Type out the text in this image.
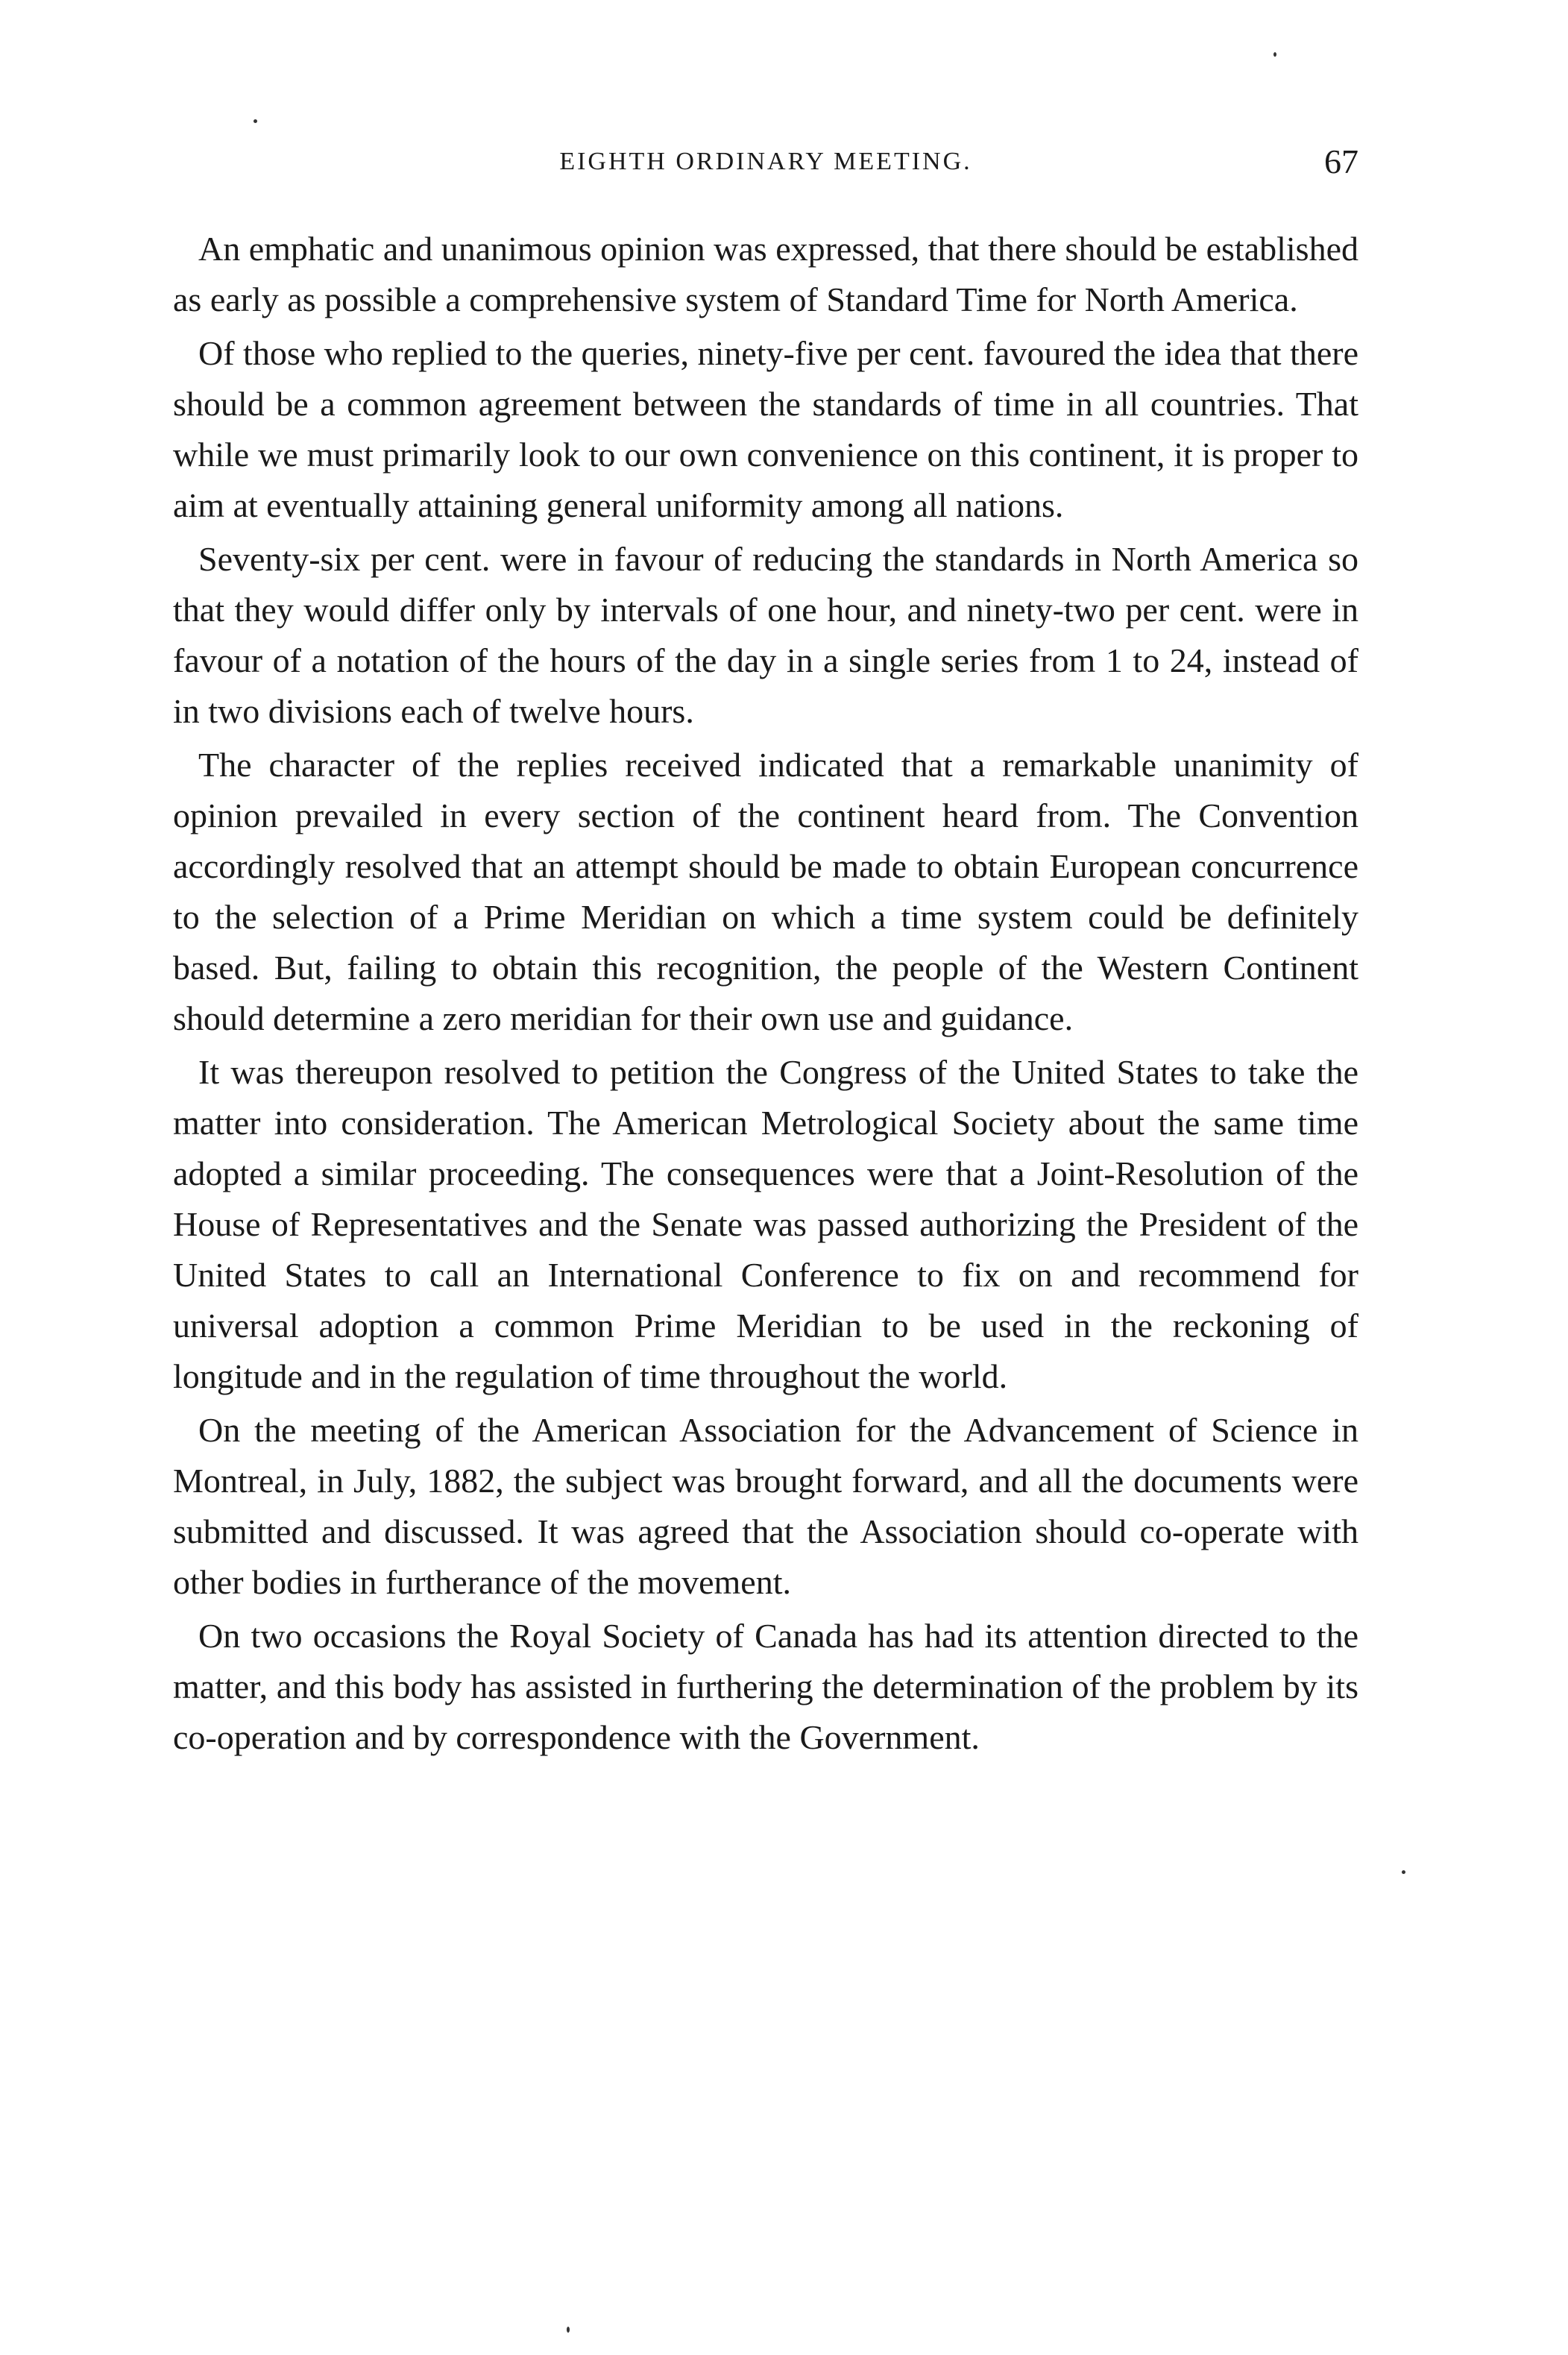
EIGHTH ORDINARY MEETING.	67

An emphatic and unanimous opinion was expressed, that there should be established as early as possible a comprehensive system of Standard Time for North America.

Of those who replied to the queries, ninety-five per cent. favoured the idea that there should be a common agreement between the standards of time in all countries. That while we must primarily look to our own convenience on this continent, it is proper to aim at eventually attaining general uniformity among all nations.

Seventy-six per cent. were in favour of reducing the standards in North America so that they would differ only by intervals of one hour, and ninety-two per cent. were in favour of a notation of the hours of the day in a single series from 1 to 24, instead of in two divisions each of twelve hours.

The character of the replies received indicated that a remarkable unanimity of opinion prevailed in every section of the continent heard from. The Convention accordingly resolved that an attempt should be made to obtain European concurrence to the selection of a Prime Meridian on which a time system could be definitely based. But, failing to obtain this recognition, the people of the Western Continent should determine a zero meridian for their own use and guidance.

It was thereupon resolved to petition the Congress of the United States to take the matter into consideration. The American Metrological Society about the same time adopted a similar proceeding. The consequences were that a Joint-Resolution of the House of Representatives and the Senate was passed authorizing the President of the United States to call an International Conference to fix on and recommend for universal adoption a common Prime Meridian to be used in the reckoning of longitude and in the regulation of time throughout the world.

On the meeting of the American Association for the Advancement of Science in Montreal, in July, 1882, the subject was brought forward, and all the documents were submitted and discussed. It was agreed that the Association should co-operate with other bodies in furtherance of the movement.

On two occasions the Royal Society of Canada has had its attention directed to the matter, and this body has assisted in furthering the determination of the problem by its co-operation and by correspondence with the Government.
